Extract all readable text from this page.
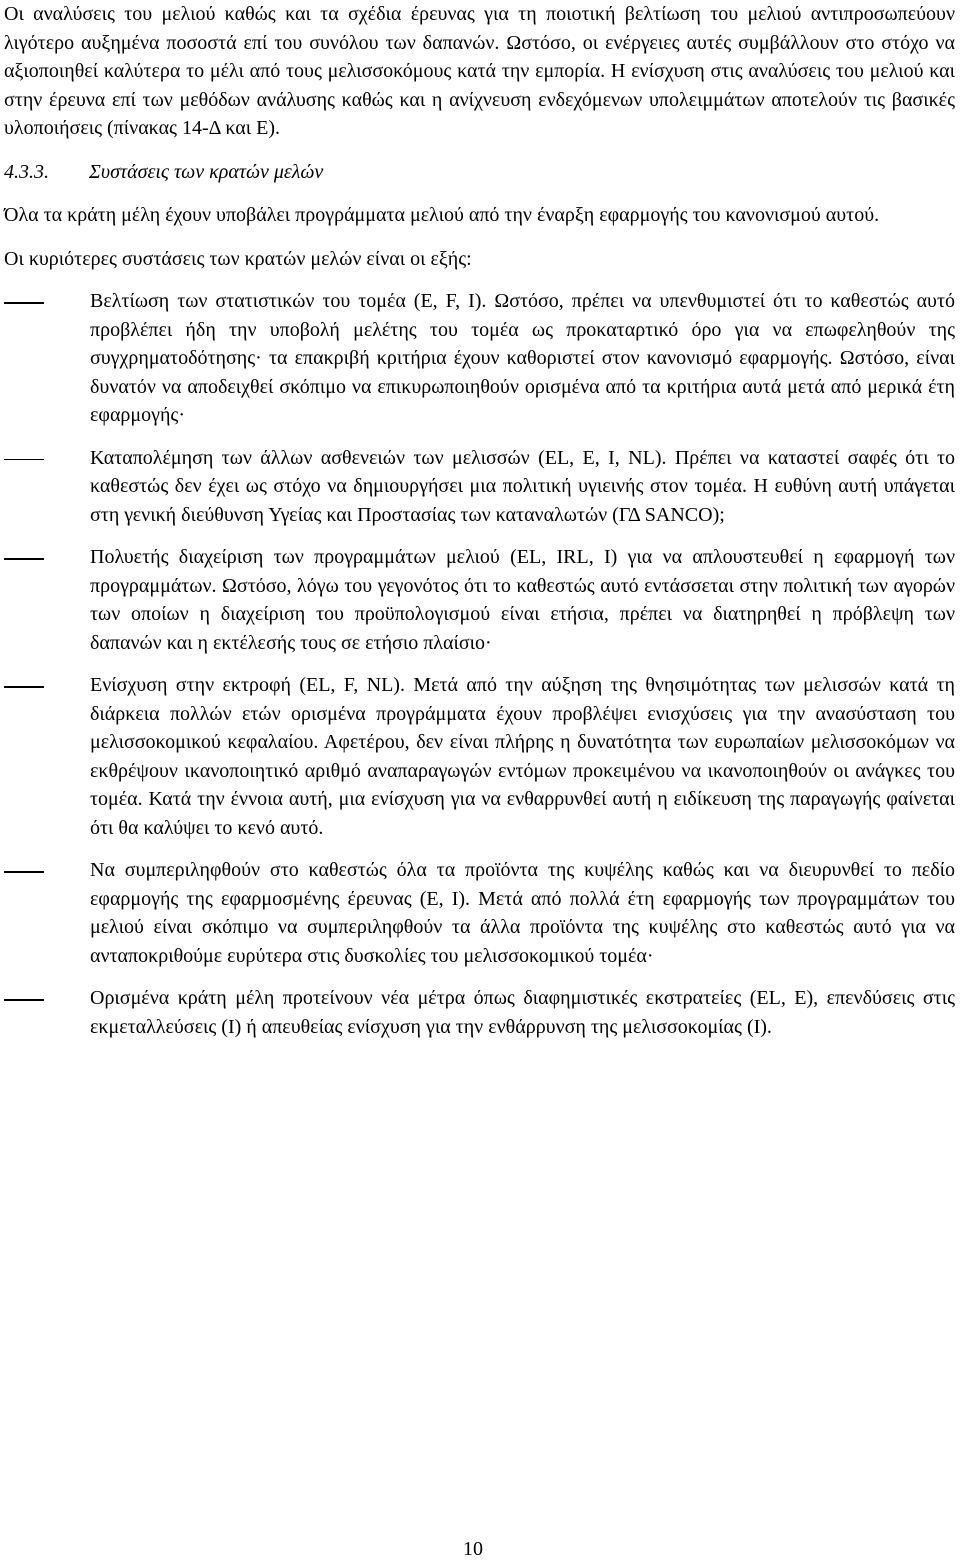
Οι αναλύσεις του μελιού καθώς και τα σχέδια έρευνας για τη ποιοτική βελτίωση του μελιού αντιπροσωπεύουν λιγότερο αυξημένα ποσοστά επί του συνόλου των δαπανών. Ωστόσο, οι ενέργειες αυτές συμβάλλουν στο στόχο να αξιοποιηθεί καλύτερα το μέλι από τους μελισσοκόμους κατά την εμπορία. Η ενίσχυση στις αναλύσεις του μελιού και στην έρευνα επί των μεθόδων ανάλυσης καθώς και η ανίχνευση ενδεχόμενων υπολειμμάτων αποτελούν τις βασικές υλοποιήσεις (πίνακας 14-Δ και Ε).

4.3.3.	Συστάσεις των κρατών μελών

Όλα τα κράτη μέλη έχουν υποβάλει προγράμματα μελιού από την έναρξη εφαρμογής του κανονισμού αυτού.

Οι κυριότερες συστάσεις των κρατών μελών είναι οι εξής:

Βελτίωση των στατιστικών του τομέα (E, F, I). Ωστόσο, πρέπει να υπενθυμιστεί ότι το καθεστώς αυτό προβλέπει ήδη την υποβολή μελέτης του τομέα ως προκαταρτικό όρο για να επωφεληθούν της συγχρηματοδότησης· τα επακριβή κριτήρια έχουν καθοριστεί στον κανονισμό εφαρμογής. Ωστόσο, είναι δυνατόν να αποδειχθεί σκόπιμο να επικυρωποιηθούν ορισμένα από τα κριτήρια αυτά μετά από μερικά έτη εφαρμογής·
Καταπολέμηση των άλλων ασθενειών των μελισσών (EL, E, I, NL). Πρέπει να καταστεί σαφές ότι το καθεστώς δεν έχει ως στόχο να δημιουργήσει μια πολιτική υγιεινής στον τομέα. Η ευθύνη αυτή υπάγεται στη γενική διεύθυνση Υγείας και Προστασίας των καταναλωτών (ΓΔ SANCO);
Πολυετής διαχείριση των προγραμμάτων μελιού (EL, IRL, I) για να απλουστευθεί η εφαρμογή των προγραμμάτων. Ωστόσο, λόγω του γεγονότος ότι το καθεστώς αυτό εντάσσεται στην πολιτική των αγορών των οποίων η διαχείριση του προϋπολογισμού είναι ετήσια, πρέπει να διατηρηθεί η πρόβλεψη των δαπανών και η εκτέλεσής τους σε ετήσιο πλαίσιο·
Ενίσχυση στην εκτροφή (EL, F, NL). Μετά από την αύξηση της θνησιμότητας των μελισσών κατά τη διάρκεια πολλών ετών ορισμένα προγράμματα έχουν προβλέψει ενισχύσεις για την ανασύσταση του μελισσοκομικού κεφαλαίου. Αφετέρου, δεν είναι πλήρης η δυνατότητα των ευρωπαίων μελισσοκόμων να εκθρέψουν ικανοποιητικό αριθμό αναπαραγωγών εντόμων προκειμένου να ικανοποιηθούν οι ανάγκες του τομέα. Κατά την έννοια αυτή, μια ενίσχυση για να ενθαρρυνθεί αυτή η ειδίκευση της παραγωγής φαίνεται ότι θα καλύψει το κενό αυτό.
Να συμπεριληφθούν στο καθεστώς όλα τα προϊόντα της κυψέλης καθώς και να διευρυνθεί το πεδίο εφαρμογής της εφαρμοσμένης έρευνας (E, I). Μετά από πολλά έτη εφαρμογής των προγραμμάτων του μελιού είναι σκόπιμο να συμπεριληφθούν τα άλλα προϊόντα της κυψέλης στο καθεστώς αυτό για να ανταποκριθούμε ευρύτερα στις δυσκολίες του μελισσοκομικού τομέα·
Ορισμένα κράτη μέλη προτείνουν νέα μέτρα όπως διαφημιστικές εκστρατείες (EL, E), επενδύσεις στις εκμεταλλεύσεις (I) ή απευθείας ενίσχυση για την ενθάρρυνση της μελισσοκομίας (I).
10
